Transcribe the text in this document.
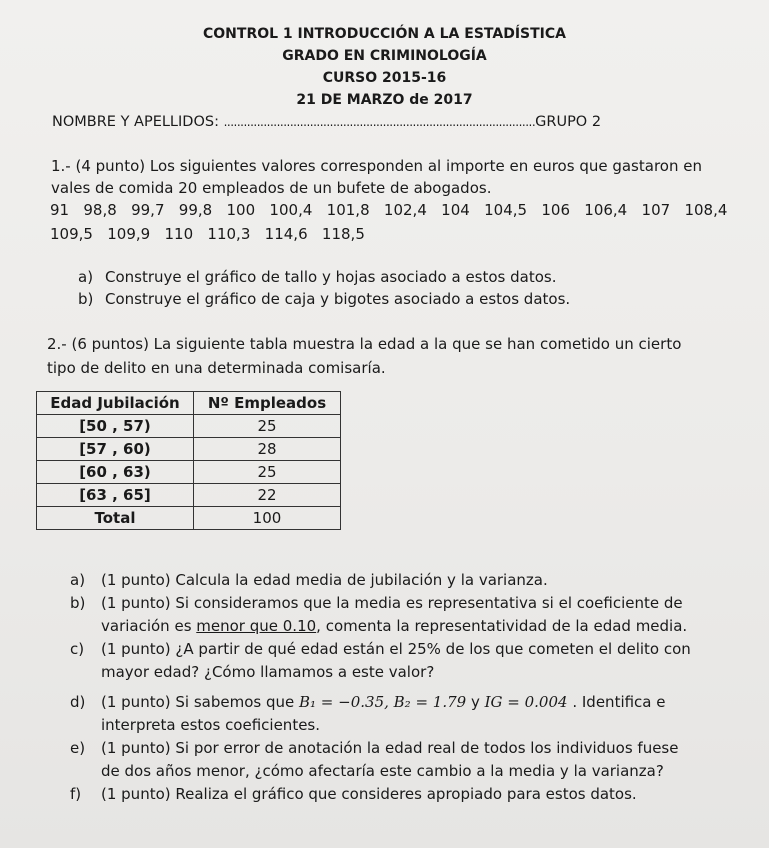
CONTROL 1 INTRODUCCIÓN A LA ESTADÍSTICA
GRADO EN CRIMINOLOGÍA
CURSO 2015-16
21 DE MARZO de 2017
NOMBRE Y APELLIDOS: ..............................................................................................GRUPO 2
1.- (4 punto) Los siguientes valores corresponden al importe en euros que gastaron en
vales de comida 20 empleados de un bufete de abogados.
91   98,8   99,7   99,8   100   100,4   101,8   102,4   104   104,5   106   106,4   107   108,4
109,5   109,9   110   110,3   114,6   118,5
a) Construye el gráfico de tallo y hojas asociado a estos datos.
b) Construye el gráfico de caja y bigotes asociado a estos datos.
2.- (6 puntos) La siguiente tabla muestra la edad a la que se han cometido un cierto
tipo de delito en una determinada comisaría.
Edad Jubilación	Nº Empleados
[50 , 57)	25
[57 , 60)	28
[60 , 63)	25
[63 , 65]	22
Total	100
a) (1 punto) Calcula la edad media de jubilación y la varianza.
b) (1 punto) Si consideramos que la media es representativa si el coeficiente de
variación es menor que 0.10, comenta la representatividad de la edad media.
c) (1 punto) ¿A partir de qué edad están el 25% de los que cometen el delito con
mayor edad? ¿Cómo llamamos a este valor?
d) (1 punto) Si sabemos que B₁ = −0.35, B₂ = 1.79 y IG = 0.004 . Identifica e
interpreta estos coeficientes.
e) (1 punto) Si por error de anotación la edad real de todos los individuos fuese
de dos años menor, ¿cómo afectaría este cambio a la media y la varianza?
f) (1 punto) Realiza el gráfico que consideres apropiado para estos datos.
